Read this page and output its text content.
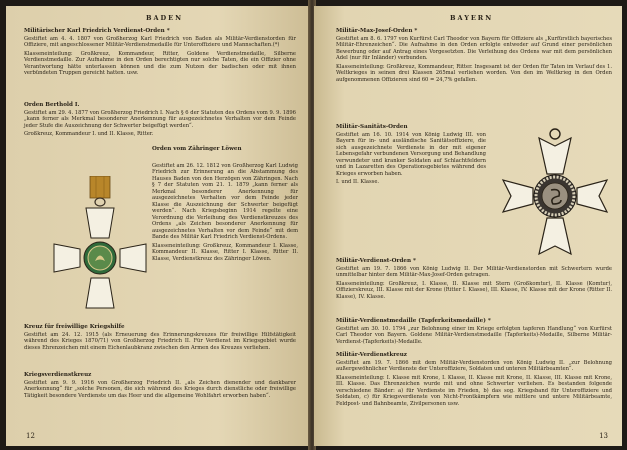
BADEN
Militärischer Karl Friedrich Verdienst-Orden *
Gestiftet am 4. 4. 1807 von Großherzog Karl Friedrich von Baden als Militär-Verdienstorden für Offiziere, mit angeschlossener Militär-Verdienstmedaille für Unteroffiziere und Mannschaften.(*)
Klasseneinteilung: Großkreuz, Kommandeur, Ritter, Goldene Verdienstmedaille, Silberne Verdienstmedaille. Zur Aufnahme in den Orden berechtigten nur solche Taten, die ein Offizier ohne Verantwortung hätte unterlassen können und die zum Nutzen der badischen oder mit ihnen verbündeten Truppen gereicht hatten. usw.
Orden Berthold I.
Gestiftet am 29. 4. 1877 von Großherzog Friedrich I. Nach § 6 der Statuten des Ordens vom 9. 9. 1896 „kann ferner als Merkmal besonderer Anerkennung für ausgezeichnetes Verhalten vor dem Feinde jeder Stufe die Auszeichnung der Schwerter beigefügt werden“.
Großkreuz, Kommandeur I. und II. Klasse, Ritter.
Orden vom Zähringer Löwen
Gestiftet am 26. 12. 1812 von Großherzog Karl Ludwig Friedrich zur Erinnerung an die Abstammung des Hauses Baden von den Herzögen von Zähringen. Nach § 7 der Statuten vom 21. 1. 1879 „kann ferner als Merkmal besonderer Anerkennung für ausgezeichnetes Verhalten vor dem Feinde jeder Klasse die Auszeichnung der Schwerter beigefügt werden“. Nach Kriegsbeginn 1914 regelte eine Verordnung die Verleihung des Verdienstkreuzes des Ordens „als Zeichen besonderer Anerkennung für ausgezeichnetes Verhalten vor dem Feinde“ mit dem Bande des Militär Karl Friedrich Verdienst-Ordens.
Klasseneinteilung: Großkreuz, Kommandeur I. Klasse, Kommandeur II. Klasse, Ritter I. Klasse, Ritter II. Klasse, Verdienstkreuz des Zähringer Löwen.
Kreuz für freiwillige Kriegshilfe
Gestiftet am 24. 12. 1915 (als Erneuerung des Erinnerungskreuzes für freiwillige Hilfstätigkeit während des Krieges 1870/71) von Großherzog Friedrich II. Für Verdienst im Kriegsgebiet wurde dieses Ehrenzeichen mit einem Eichenlaubkranz zwischen den Armen des Kreuzes verliehen.
Kriegsverdienstkreuz
Gestiftet am 9. 9. 1916 von Großherzog Friedrich II. „als Zeichen dienender und dankbarer Anerkennung“ für „solche Personen, die sich während des Krieges durch dienstliche oder freiwillige Tätigkeit besondere Verdienste um das Heer und die allgemeine Wohlfahrt erworben haben“.
12
BAYERN
Militär-Max-Josef-Orden *
Gestiftet am 8. 6. 1797 von Kurfürst Carl Theodor von Bayern für Offiziere als „Kurfürstlich bayerisches Militär-Ehrenzeichen“. Die Aufnahme in den Orden erfolgte entweder auf Grund einer persönlichen Bewerbung oder auf Antrag eines Vorgesetzten. Die Verleihung des Ordens war mit dem persönlichen Adel (nur für Inländer) verbunden.
Klasseneinteilung: Großkreuz, Kommandeur, Ritter. Insgesamt ist der Orden für Taten im Verlauf des 1. Weltkrieges in seinen drei Klassen 265mal verliehen worden. Von den im Weltkrieg in den Orden aufgenommenen Offizieren sind 60 = 24,7% gefallen.
Militär-Sanitäts-Orden
Gestiftet am 16. 10. 1914 von König Ludwig III. von Bayern für in- und ausländische Sanitätsoffiziere, die sich ausgezeichnete Verdienste in der mit eigener Lebensgefahr verbundenen Versorgung und Behandlung verwundeter und kranker Soldaten auf Schlachtfeldern und in Lazaretten des Operationsgebietes während des Krieges erworben haben.
I. und II. Klasse.
Militär-Verdienst-Orden *
Gestiftet am 19. 7. 1866 von König Ludwig II. Der Militär-Verdienstorden mit Schwertern wurde unmittelbar hinter dem Militär-Max-Josef-Orden getragen.
Klasseneinteilung: Großkreuz, I. Klasse, II. Klasse mit Stern (Großkomtur), II. Klasse (Komtur), Offizierskreuz, III. Klasse mit der Krone (Ritter I. Klasse), III. Klasse, IV. Klasse mit der Krone (Ritter II. Klasse), IV. Klasse.
Militär-Verdienstmedaille (Tapferkeitsmedaille) *
Gestiftet am 30. 10. 1794 „zur Belohnung einer im Kriege erfolgten tapferen Handlung“ von Kurfürst Carl Theodor von Bayern. Goldene Militär-Verdienstmedaille (Tapferkeits)-Medaille, Silberne Militär-Verdienst-(Tapferkeits)-Medaille.
Militär-Verdienstkreuz
Gestiftet am 19. 7. 1866 mit dem Militär-Verdienstorden von König Ludwig II. „zur Belohnung außergewöhnlicher Verdienste der Unteroffiziere, Soldaten und unteren Militärbeamten“.
Klasseneinteilung: I. Klasse mit Krone, I. Klasse, II. Klasse mit Krone, II. Klasse, III. Klasse mit Krone, III. Klasse. Das Ehrenzeichen wurde mit und ohne Schwerter verliehen. Es bestanden folgende verschiedene Bänder: a) für Verdienste im Frieden, b) das sog. Kriegsband für Unteroffiziere und Soldaten, c) für Kriegsverdienste von Nicht-Frontkämpfern wie mittlere und untere Militärbeamte, Feldpost- und Bahnbeamte, Zivilpersonen usw.
13
